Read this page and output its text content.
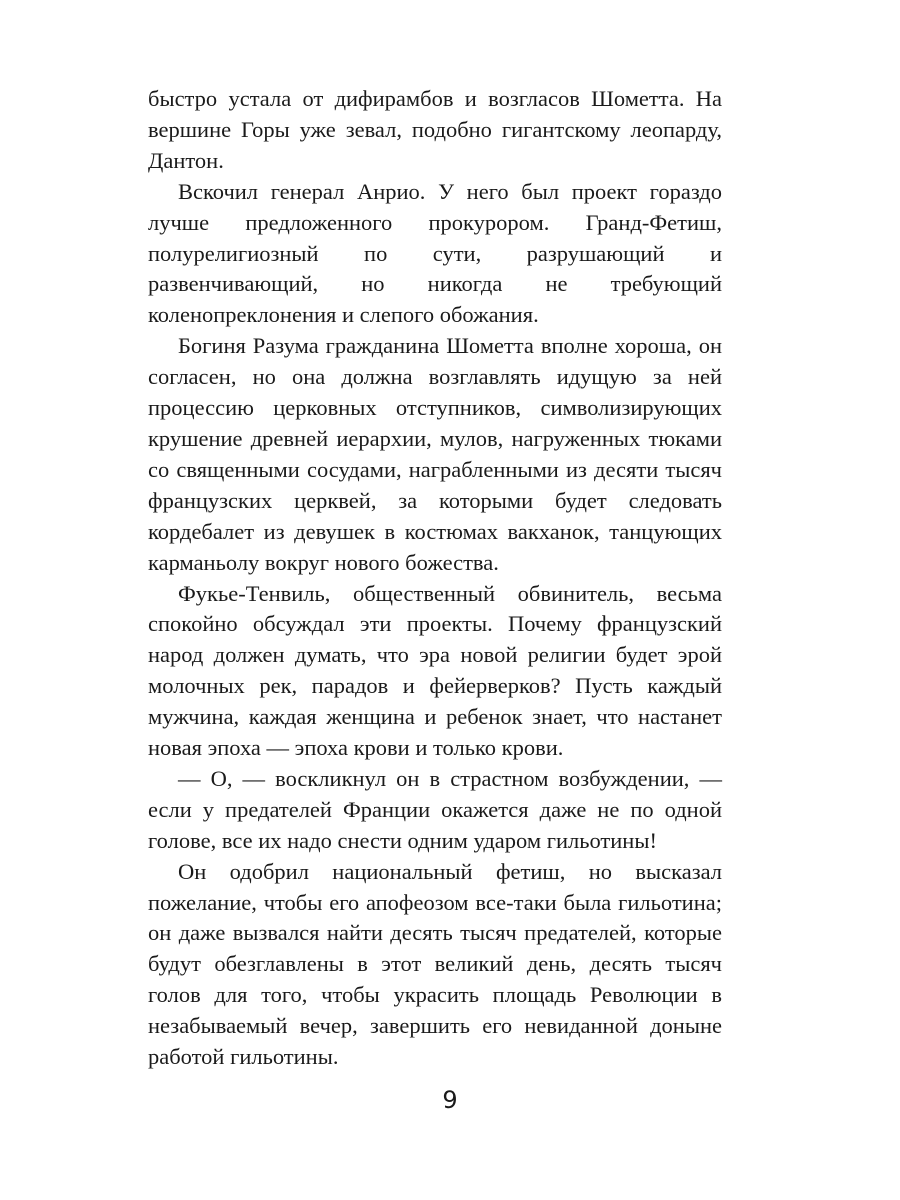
быстро устала от дифирамбов и возгласов Шометта. На вершине Горы уже зевал, подобно гигантскому леопарду, Дантон.

Вскочил генерал Анрио. У него был проект гораздо лучше предложенного прокурором. Гранд-Фетиш, полурелигиозный по сути, разрушающий и развенчивающий, но никогда не требующий коленопреклонения и слепого обожания.

Богиня Разума гражданина Шометта вполне хороша, он согласен, но она должна возглавлять идущую за ней процессию церковных отступников, символизирующих крушение древней иерархии, мулов, нагруженных тюками со священными сосудами, награбленными из десяти тысяч французских церквей, за которыми будет следовать кордебалет из девушек в костюмах вакханок, танцующих карманьолу вокруг нового божества.

Фукье-Тенвиль, общественный обвинитель, весьма спокойно обсуждал эти проекты. Почему французский народ должен думать, что эра новой религии будет эрой молочных рек, парадов и фейерверков? Пусть каждый мужчина, каждая женщина и ребенок знает, что настанет новая эпоха — эпоха крови и только крови.

— О, — воскликнул он в страстном возбуждении, — если у предателей Франции окажется даже не по одной голове, все их надо снести одним ударом гильотины!

Он одобрил национальный фетиш, но высказал пожелание, чтобы его апофеозом все-таки была гильотина; он даже вызвался найти десять тысяч предателей, которые будут обезглавлены в этот великий день, десять тысяч голов для того, чтобы украсить площадь Революции в незабываемый вечер, завершить его невиданной доныне работой гильотины.

9
